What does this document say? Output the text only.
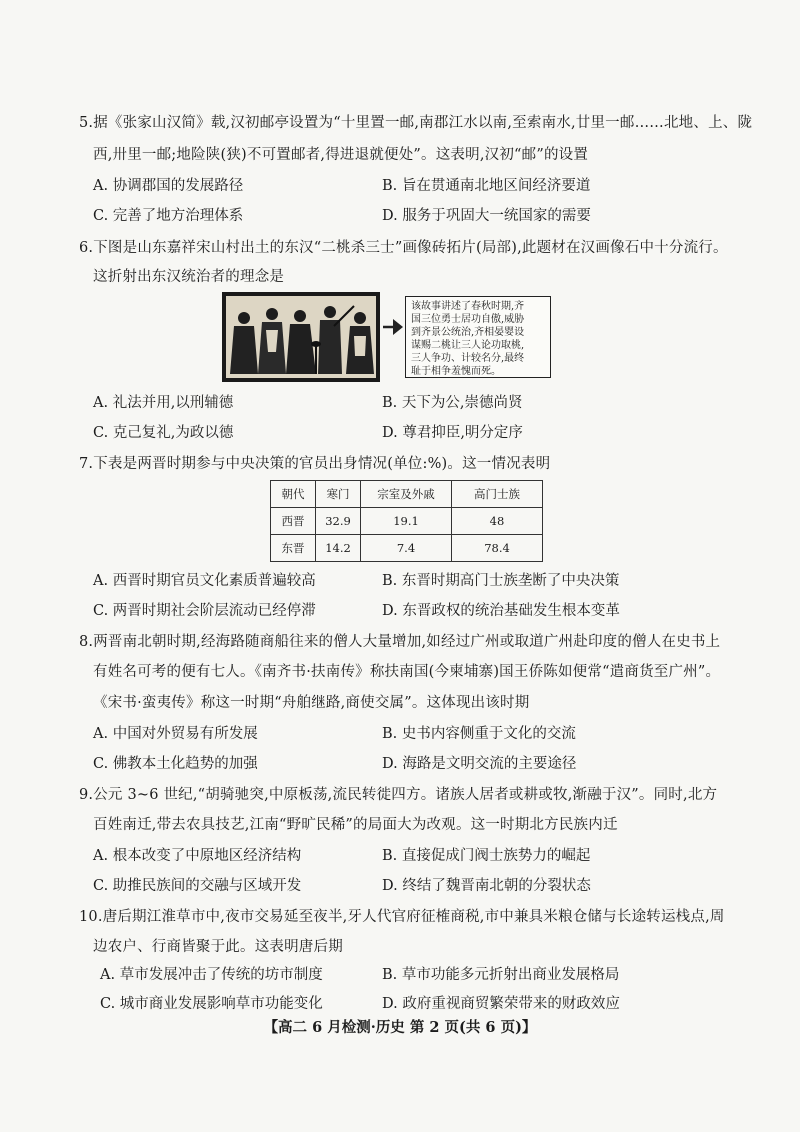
5.据《张家山汉简》载,汉初邮亭设置为“十里置一邮,南郡江水以南,至索南水,廿里一邮……北地、上、陇
西,卅里一邮;地险陕(狭)不可置邮者,得进退就便处”。这表明,汉初“邮”的设置
A. 协调郡国的发展路径	B. 旨在贯通南北地区间经济要道
C. 完善了地方治理体系	D. 服务于巩固大一统国家的需要
6.下图是山东嘉祥宋山村出土的东汉“二桃杀三士”画像砖拓片(局部),此题材在汉画像石中十分流行。
这折射出东汉统治者的理念是
该故事讲述了春秋时期,齐
国三位勇士居功自傲,威胁
到齐景公统治,齐相晏婴设
谋赐二桃让三人论功取桃,
三人争功、计较名分,最终
耻于相争羞愧而死。
A. 礼法并用,以刑辅德	B. 天下为公,崇德尚贤
C. 克己复礼,为政以德	D. 尊君抑臣,明分定序
7.下表是两晋时期参与中央决策的官员出身情况(单位:%)。这一情况表明
朝代	寒门	宗室及外戚	高门士族
西晋	32.9	19.1	48
东晋	14.2	7.4	78.4
A. 西晋时期官员文化素质普遍较高	B. 东晋时期高门士族垄断了中央决策
C. 两晋时期社会阶层流动已经停滞	D. 东晋政权的统治基础发生根本变革
8.两晋南北朝时期,经海路随商船往来的僧人大量增加,如经过广州或取道广州赴印度的僧人在史书上
有姓名可考的便有七人。《南齐书·扶南传》称扶南国(今柬埔寨)国王侨陈如便常“遣商货至广州”。
《宋书·蛮夷传》称这一时期“舟舶继路,商使交属”。这体现出该时期
A. 中国对外贸易有所发展	B. 史书内容侧重于文化的交流
C. 佛教本土化趋势的加强	D. 海路是文明交流的主要途径
9.公元 3~6 世纪,“胡骑驰突,中原板荡,流民转徙四方。诸族人居者或耕或牧,渐融于汉”。同时,北方
百姓南迁,带去农具技艺,江南“野旷民稀”的局面大为改观。这一时期北方民族内迁
A. 根本改变了中原地区经济结构	B. 直接促成门阀士族势力的崛起
C. 助推民族间的交融与区域开发	D. 终结了魏晋南北朝的分裂状态
10.唐后期江淮草市中,夜市交易延至夜半,牙人代官府征榷商税,市中兼具米粮仓储与长途转运栈点,周
边农户、行商皆聚于此。这表明唐后期
A. 草市发展冲击了传统的坊市制度	B. 草市功能多元折射出商业发展格局
C. 城市商业发展影响草市功能变化	D. 政府重视商贸繁荣带来的财政效应
【高二 6 月检测·历史 第 2 页(共 6 页)】
